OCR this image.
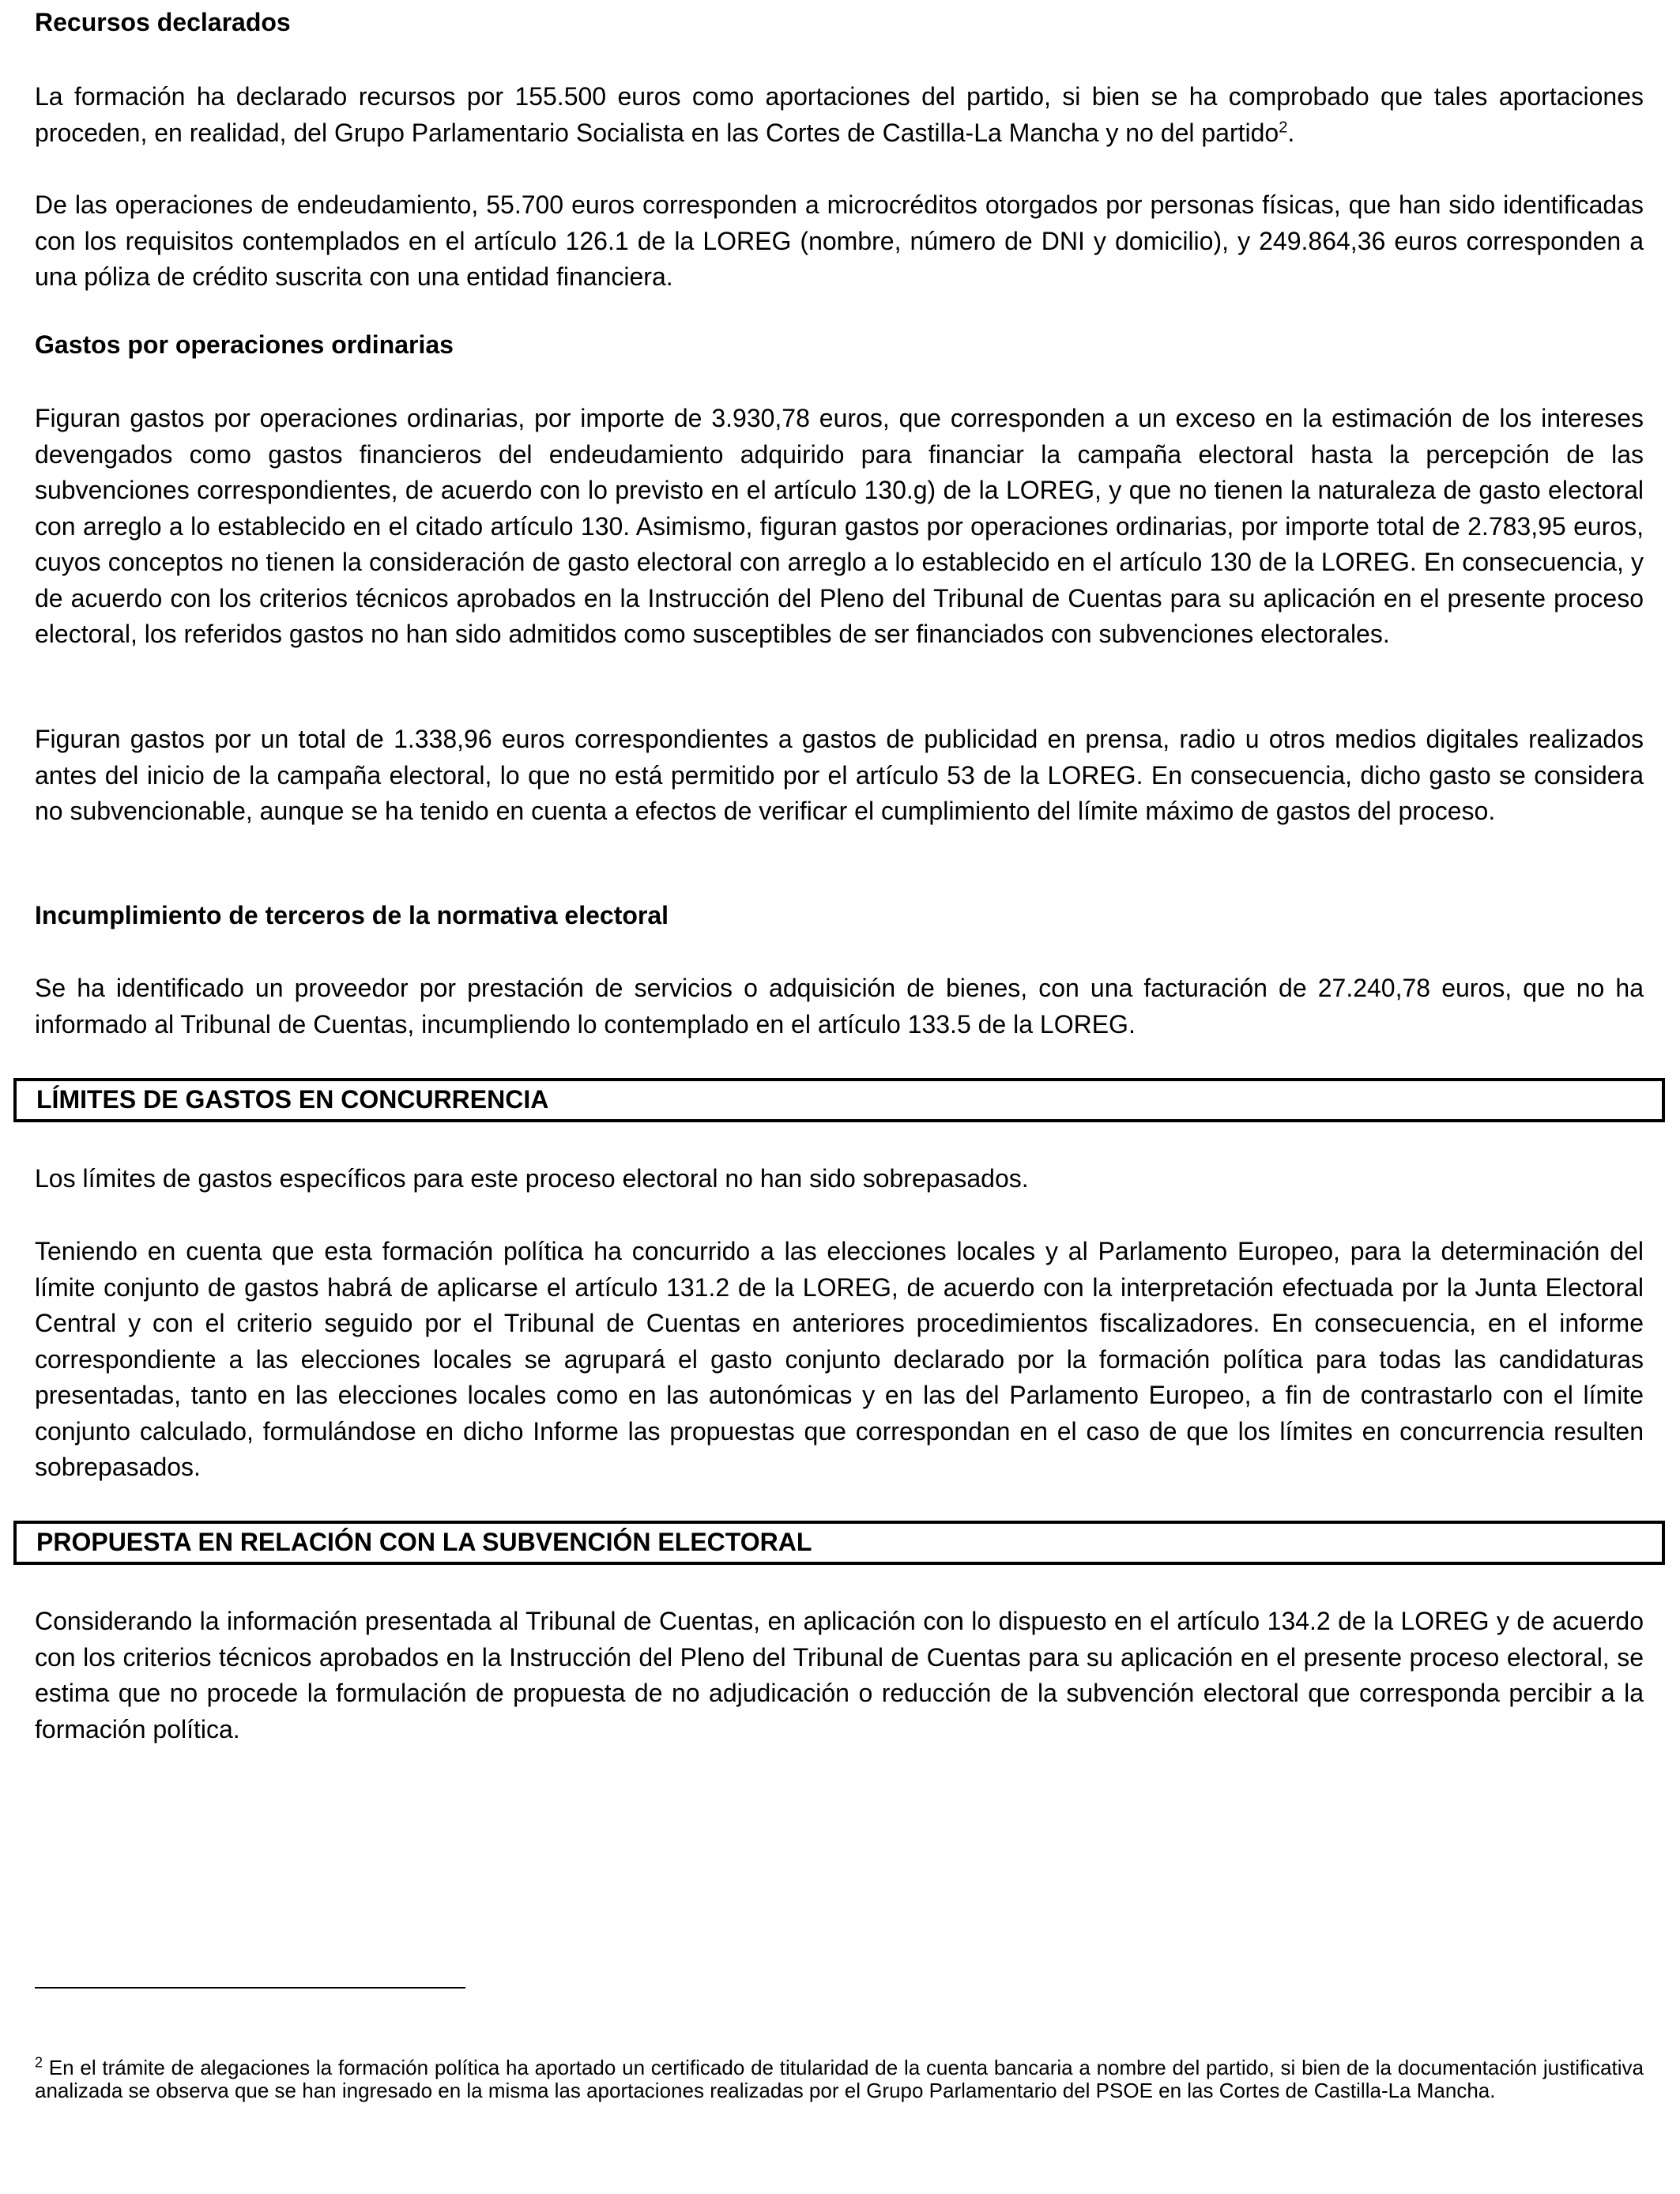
Recursos declarados

La formación ha declarado recursos por 155.500 euros como aportaciones del partido, si bien se ha comprobado que tales aportaciones proceden, en realidad, del Grupo Parlamentario Socialista en las Cortes de Castilla-La Mancha y no del partido$^2$.

De las operaciones de endeudamiento, 55.700 euros corresponden a microcréditos otorgados por personas físicas, que han sido identificadas con los requisitos contemplados en el artículo 126.1 de la LOREG (nombre, número de DNI y domicilio), y 249.864,36 euros corresponden a una póliza de crédito suscrita con una entidad financiera.

Gastos por operaciones ordinarias

Figuran gastos por operaciones ordinarias, por importe de 3.930,78 euros, que corresponden a un exceso en la estimación de los intereses devengados como gastos financieros del endeudamiento adquirido para financiar la campaña electoral hasta la percepción de las subvenciones correspondientes, de acuerdo con lo previsto en el artículo 130.g) de la LOREG, y que no tienen la naturaleza de gasto electoral con arreglo a lo establecido en el citado artículo 130. Asimismo, figuran gastos por operaciones ordinarias, por importe total de 2.783,95 euros, cuyos conceptos no tienen la consideración de gasto electoral con arreglo a lo establecido en el artículo 130 de la LOREG. En consecuencia, y de acuerdo con los criterios técnicos aprobados en la Instrucción del Pleno del Tribunal de Cuentas para su aplicación en el presente proceso electoral, los referidos gastos no han sido admitidos como susceptibles de ser financiados con subvenciones electorales.

Figuran gastos por un total de 1.338,96 euros correspondientes a gastos de publicidad en prensa, radio u otros medios digitales realizados antes del inicio de la campaña electoral, lo que no está permitido por el artículo 53 de la LOREG. En consecuencia, dicho gasto se considera no subvencionable, aunque se ha tenido en cuenta a efectos de verificar el cumplimiento del límite máximo de gastos del proceso.

Incumplimiento de terceros de la normativa electoral

Se ha identificado un proveedor por prestación de servicios o adquisición de bienes, con una facturación de 27.240,78 euros, que no ha informado al Tribunal de Cuentas, incumpliendo lo contemplado en el artículo 133.5 de la LOREG.

LÍMITES DE GASTOS EN CONCURRENCIA

Los límites de gastos específicos para este proceso electoral no han sido sobrepasados.

Teniendo en cuenta que esta formación política ha concurrido a las elecciones locales y al Parlamento Europeo, para la determinación del límite conjunto de gastos habrá de aplicarse el artículo 131.2 de la LOREG, de acuerdo con la interpretación efectuada por la Junta Electoral Central y con el criterio seguido por el Tribunal de Cuentas en anteriores procedimientos fiscalizadores. En consecuencia, en el informe correspondiente a las elecciones locales se agrupará el gasto conjunto declarado por la formación política para todas las candidaturas presentadas, tanto en las elecciones locales como en las autonómicas y en las del Parlamento Europeo, a fin de contrastarlo con el límite conjunto calculado, formulándose en dicho Informe las propuestas que correspondan en el caso de que los límites en concurrencia resulten sobrepasados.

PROPUESTA EN RELACIÓN CON LA SUBVENCIÓN ELECTORAL

Considerando la información presentada al Tribunal de Cuentas, en aplicación con lo dispuesto en el artículo 134.2 de la LOREG y de acuerdo con los criterios técnicos aprobados en la Instrucción del Pleno del Tribunal de Cuentas para su aplicación en el presente proceso electoral, se estima que no procede la formulación de propuesta de no adjudicación o reducción de la subvención electoral que corresponda percibir a la formación política.

$^2$ En el trámite de alegaciones la formación política ha aportado un certificado de titularidad de la cuenta bancaria a nombre del partido, si bien de la documentación justificativa analizada se observa que se han ingresado en la misma las aportaciones realizadas por el Grupo Parlamentario del PSOE en las Cortes de Castilla-La Mancha.
